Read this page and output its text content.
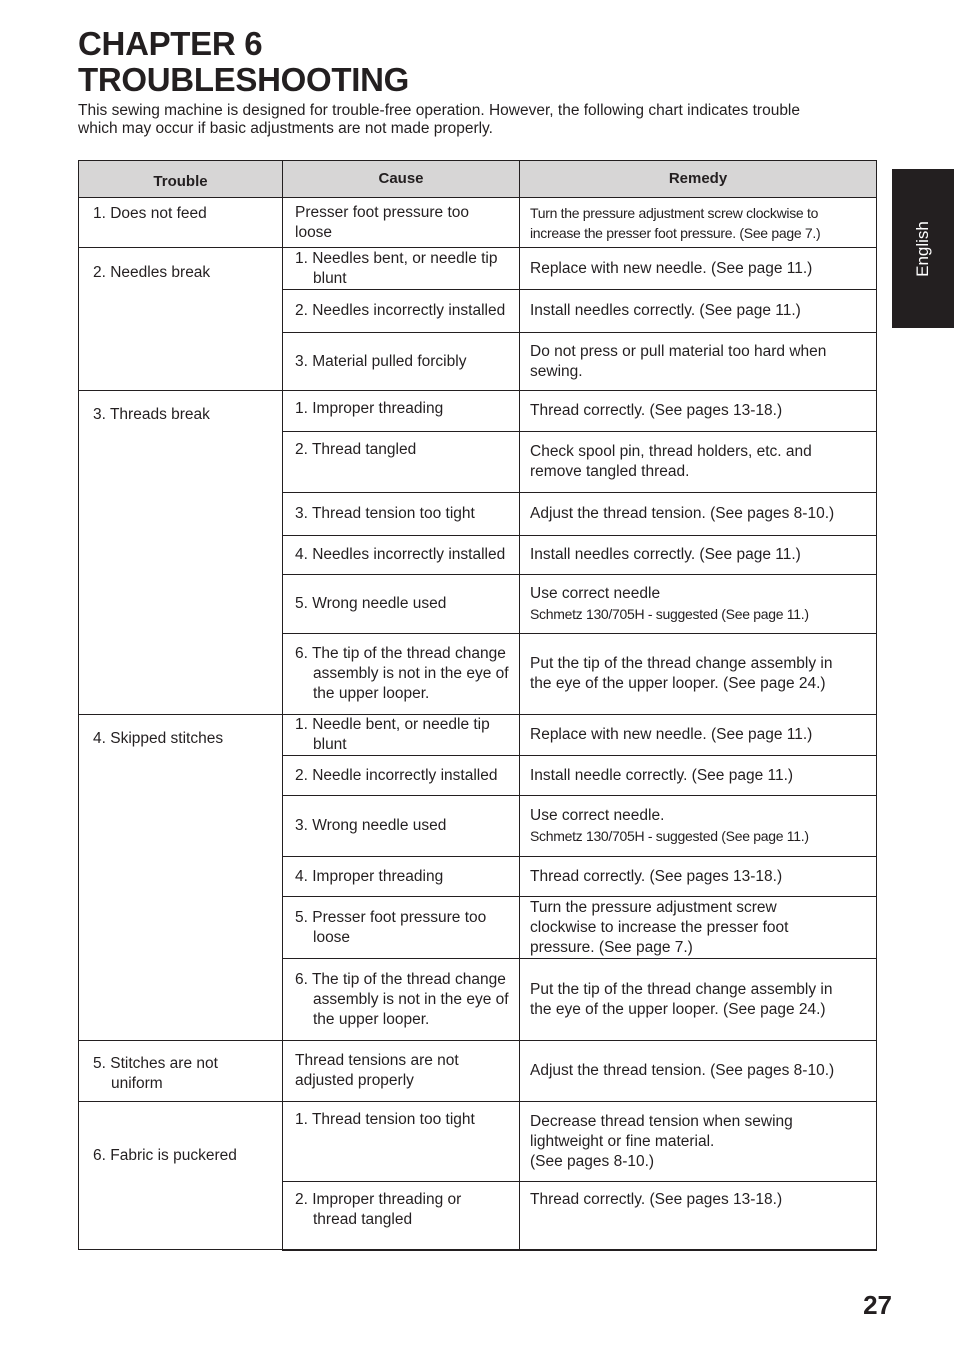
CHAPTER 6
TROUBLESHOOTING
This sewing machine is designed for trouble-free operation. However, the following chart indicates trouble
which may occur if basic adjustments are not made properly.
English
Trouble	Cause	Remedy
1. Does not feed	Presser foot pressure too loose	Turn the pressure adjustment screw clockwise to
increase the presser foot pressure. (See page 7.)

2. Needles break	1. Needles bent, or needle tip blunt	Replace with new needle. (See page 11.)

	2. Needles incorrectly installed	Install needles correctly. (See page 11.)

	3. Material pulled forcibly	Do not press or pull material too hard when
sewing.

3. Threads break	1. Improper threading	Thread correctly. (See pages 13-18.)

	2. Thread tangled	Check spool pin, thread holders, etc. and
remove tangled thread.

	3. Thread tension too tight	Adjust the thread tension. (See pages 8-10.)

	4. Needles incorrectly installed	Install needles correctly. (See page 11.)

	5. Wrong needle used	Use correct needle
Schmetz 130/705H - suggested (See page 11.)

	6. The tip of the thread change assembly is not in the eye of the upper looper.	Put the tip of the thread change assembly in
the eye of the upper looper. (See page 24.)

4. Skipped stitches	1. Needle bent, or needle tip blunt	Replace with new needle. (See page 11.)

	2. Needle incorrectly installed	Install needle correctly. (See page 11.)

	3. Wrong needle used	Use correct needle.
Schmetz 130/705H - suggested (See page 11.)

	4. Improper threading	Thread correctly. (See pages 13-18.)

	5. Presser foot pressure too loose	Turn the pressure adjustment screw
clockwise to increase the presser foot
pressure. (See page 7.)

	6. The tip of the thread change assembly is not in the eye of the upper looper.	Put the tip of the thread change assembly in
the eye of the upper looper. (See page 24.)

5. Stitches are not uniform	Thread tensions are not adjusted properly	Adjust the thread tension. (See pages 8-10.)

6. Fabric is puckered	1. Thread tension too tight	Decrease thread tension when sewing
lightweight or fine material.
(See pages 8-10.)

	2. Improper threading or thread tangled	Thread correctly. (See pages 13-18.)
27
